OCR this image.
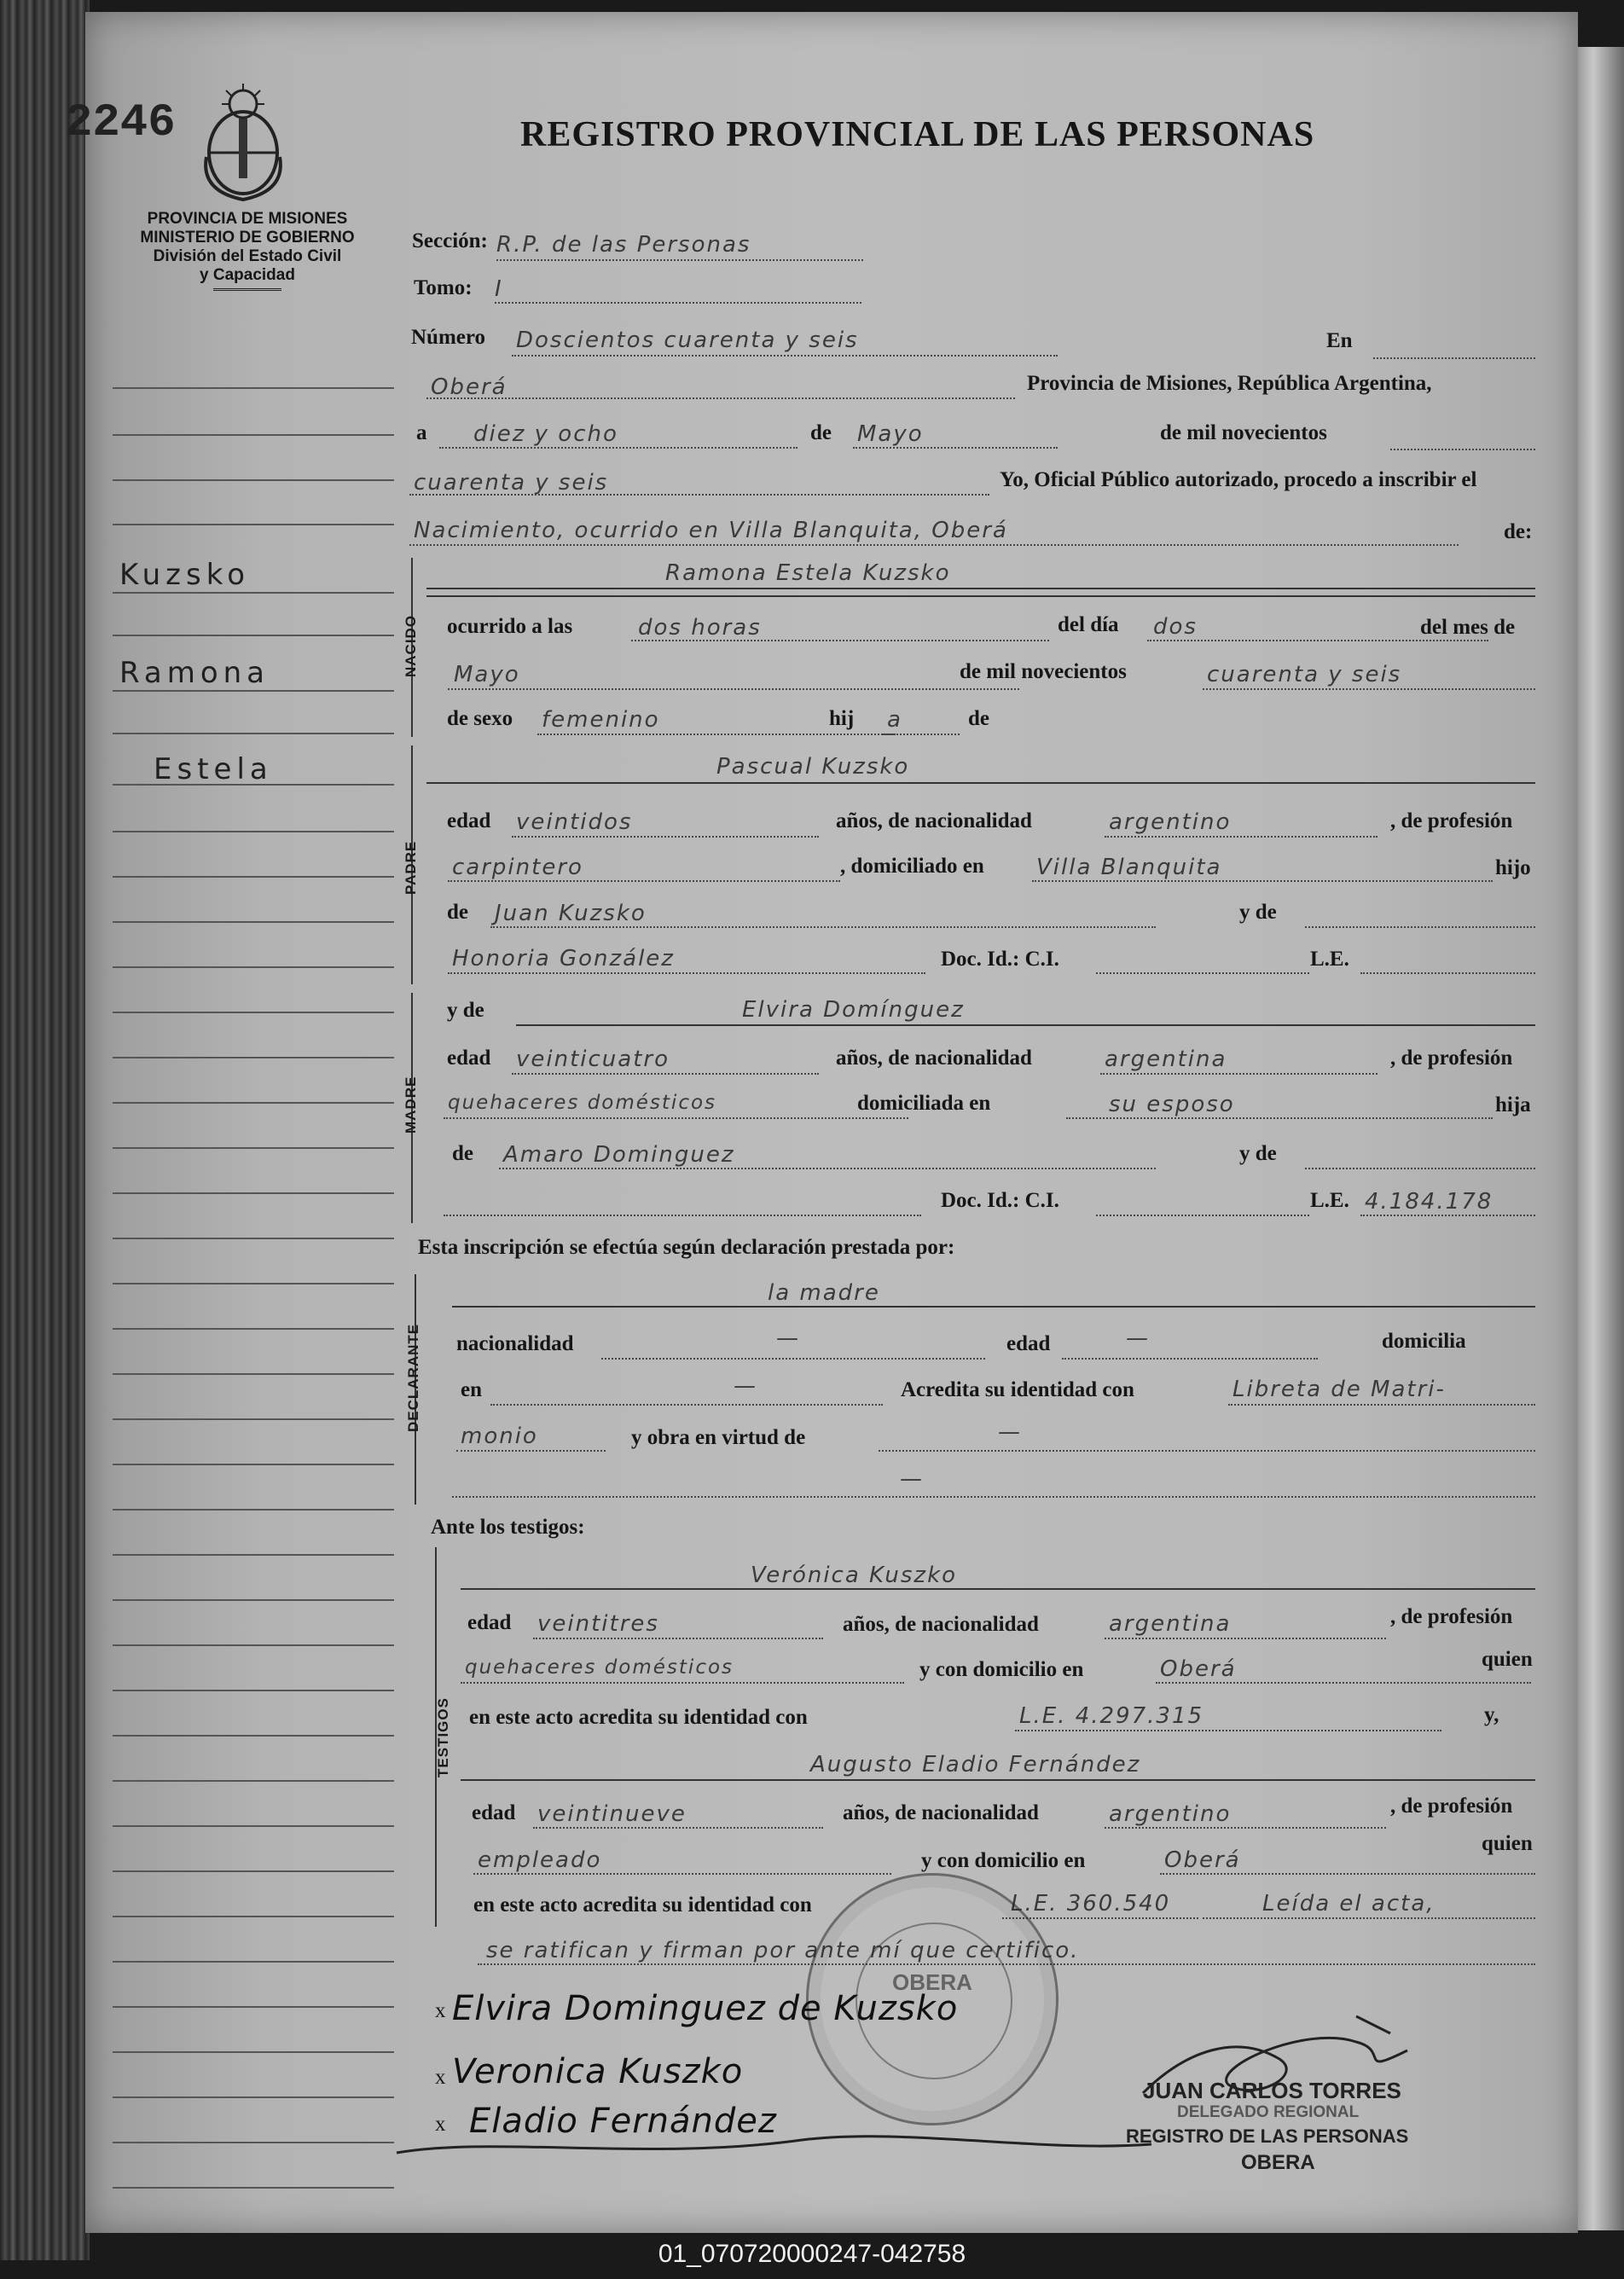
2246	REGISTRO PROVINCIAL DE LAS PERSONAS
PROVINCIA DE MISIONES
MINISTERIO DE GOBIERNO
División del Estado Civil
y Capacidad
Kuzsko
Ramona
Estela
Sección: R.P. de las Personas
Tomo: I
Número Doscientos cuarenta y seis	En
Oberá	Provincia de Misiones, República Argentina,
a diez y ocho	de Mayo	de mil novecientos
cuarenta y seis	Yo, Oficial Público autorizado, procedo a inscribir el
Nacimiento, ocurrido en Villa Blanquita, Oberá	de:
NACIDO
Ramona Estela Kuzsko
ocurrido a las	dos horas	del día dos	del mes de
Mayo	de mil novecientos	cuarenta y seis
de sexo femenino	hij a	de
PADRE
Pascual Kuzsko
edad veintidos	años, de nacionalidad	argentino	, de profesión
carpintero	, domiciliado en Villa Blanquita	hijo
de Juan Kuzsko	y de
Honoria González	Doc. Id.: C.I.	L.E.
MADRE
y de	Elvira Domínguez
edad veinticuatro	años, de nacionalidad	argentina	, de profesión
quehaceres domésticos	domiciliada en	su esposo	hija
de Amaro Dominguez	y de
Doc. Id.: C.I.	L.E. 4.184.178
Esta inscripción se efectúa según declaración prestada por:
DECLARANTE
la madre
nacionalidad	—	edad	—	domicilia
en	—	Acredita su identidad con	Libreta de Matri-
monio	y obra en virtud de	—
—
Ante los testigos:
TESTIGOS
Verónica Kuszko
edad veintitres	años, de nacionalidad	argentina	, de profesión
quehaceres domésticos	y con domicilio en	Oberá	quien
en este acto acredita su identidad con	L.E. 4.297.315	y,
Augusto Eladio Fernández
edad veintinueve	años, de nacionalidad	argentino	, de profesión
empleado	y con domicilio en	Oberá
quien
en este acto acredita su identidad con	L.E. 360.540	Leída el acta,
se ratifican y firman por ante mí que certifico.
OBERA
x Elvira Dominguez de Kuzsko
x Veronica Kuszko
x Eladio Fernández
JUAN CARLOS TORRES
DELEGADO REGIONAL
REGISTRO DE LAS PERSONAS
OBERA
01_070720000247-042758
